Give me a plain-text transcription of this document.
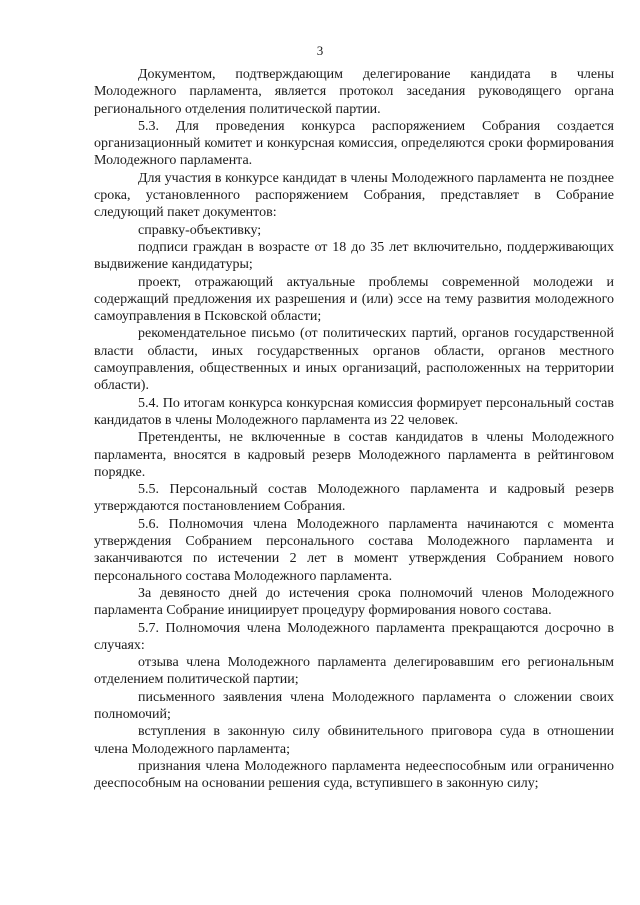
3

Документом, подтверждающим делегирование кандидата в члены Молодежного парламента, является протокол заседания руководящего органа регионального отделения политической партии.

5.3. Для проведения конкурса распоряжением Собрания создается организационный комитет и конкурсная комиссия, определяются сроки формирования Молодежного парламента.

Для участия в конкурсе кандидат в члены Молодежного парламента не позднее срока, установленного распоряжением Собрания, представляет в Собрание следующий пакет документов:

справку-объективку;

подписи граждан в возрасте от 18 до 35 лет включительно, поддерживающих выдвижение кандидатуры;

проект, отражающий актуальные проблемы современной молодежи и содержащий предложения их разрешения и (или) эссе на тему развития молодежного самоуправления в Псковской области;

рекомендательное письмо (от политических партий, органов государственной власти области, иных государственных органов области, органов местного самоуправления, общественных и иных организаций, расположенных на территории области).

5.4. По итогам конкурса конкурсная комиссия формирует персональный состав кандидатов в члены Молодежного парламента из 22 человек.

Претенденты, не включенные в состав кандидатов в члены Молодежного парламента, вносятся в кадровый резерв Молодежного парламента в рейтинговом порядке.

5.5. Персональный состав Молодежного парламента и кадровый резерв утверждаются постановлением Собрания.

5.6. Полномочия члена Молодежного парламента начинаются с момента утверждения Собранием персонального состава Молодежного парламента и заканчиваются по истечении 2 лет в момент утверждения Собранием нового персонального состава Молодежного парламента.

За девяносто дней до истечения срока полномочий членов Молодежного парламента Собрание инициирует процедуру формирования нового состава.

5.7. Полномочия члена Молодежного парламента прекращаются досрочно в случаях:

отзыва члена Молодежного парламента делегировавшим его региональным отделением политической партии;

письменного заявления члена Молодежного парламента о сложении своих полномочий;

вступления в законную силу обвинительного приговора суда в отношении члена Молодежного парламента;

признания члена Молодежного парламента недееспособным или ограниченно дееспособным на основании решения суда, вступившего в законную силу;
